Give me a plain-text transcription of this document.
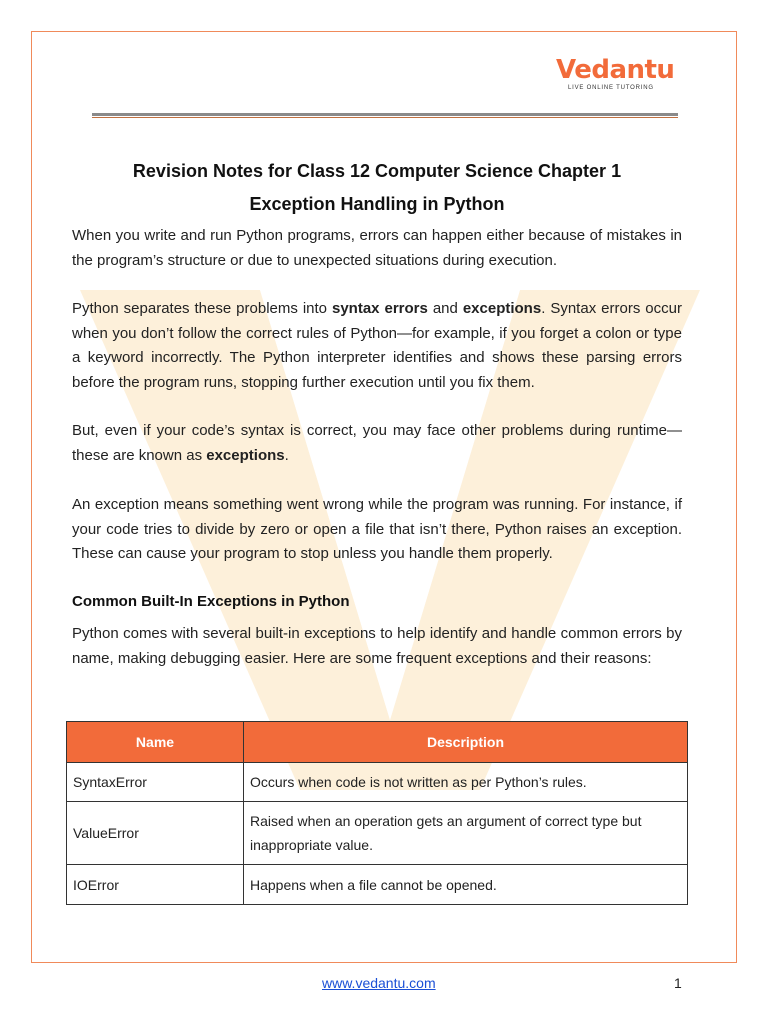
Vedantu
LIVE ONLINE TUTORING
Revision Notes for Class 12 Computer Science Chapter 1
Exception Handling in Python
When you write and run Python programs, errors can happen either because of mistakes in the program’s structure or due to unexpected situations during execution.
Python separates these problems into syntax errors and exceptions. Syntax errors occur when you don’t follow the correct rules of Python—for example, if you forget a colon or type a keyword incorrectly. The Python interpreter identifies and shows these parsing errors before the program runs, stopping further execution until you fix them.
But, even if your code’s syntax is correct, you may face other problems during runtime—these are known as exceptions.
An exception means something went wrong while the program was running. For instance, if your code tries to divide by zero or open a file that isn’t there, Python raises an exception. These can cause your program to stop unless you handle them properly.
Common Built-In Exceptions in Python
Python comes with several built-in exceptions to help identify and handle common errors by name, making debugging easier. Here are some frequent exceptions and their reasons:
Name	Description
SyntaxError	Occurs when code is not written as per Python’s rules.
ValueError	Raised when an operation gets an argument of correct type but inappropriate value.
IOError	Happens when a file cannot be opened.
www.vedantu.com	1
